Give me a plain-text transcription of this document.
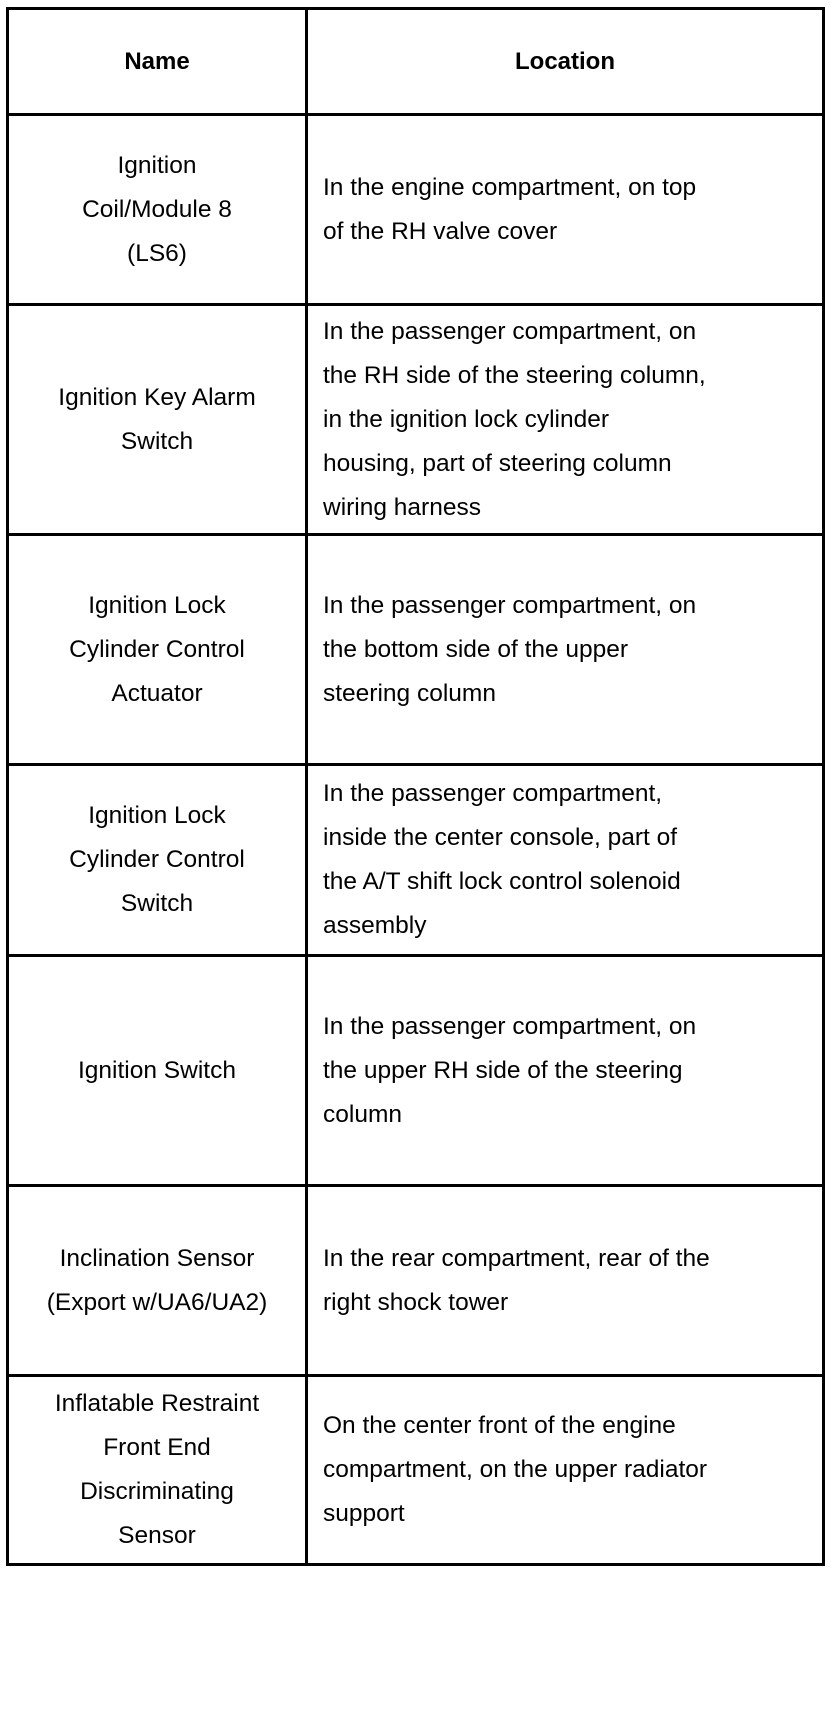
Name	Location

Ignition
Coil/Module 8
(LS6)	In the engine compartment, on top
of the RH valve cover

Ignition Key Alarm
Switch	In the passenger compartment, on
the RH side of the steering column,
in the ignition lock cylinder
housing, part of steering column
wiring harness

Ignition Lock
Cylinder Control
Actuator	In the passenger compartment, on
the bottom side of the upper
steering column

Ignition Lock
Cylinder Control
Switch	In the passenger compartment,
inside the center console, part of
the A/T shift lock control solenoid
assembly

Ignition Switch	In the passenger compartment, on
the upper RH side of the steering
column

Inclination Sensor
(Export w/UA6/UA2)	In the rear compartment, rear of the
right shock tower

Inflatable Restraint
Front End
Discriminating
Sensor	On the center front of the engine
compartment, on the upper radiator
support
